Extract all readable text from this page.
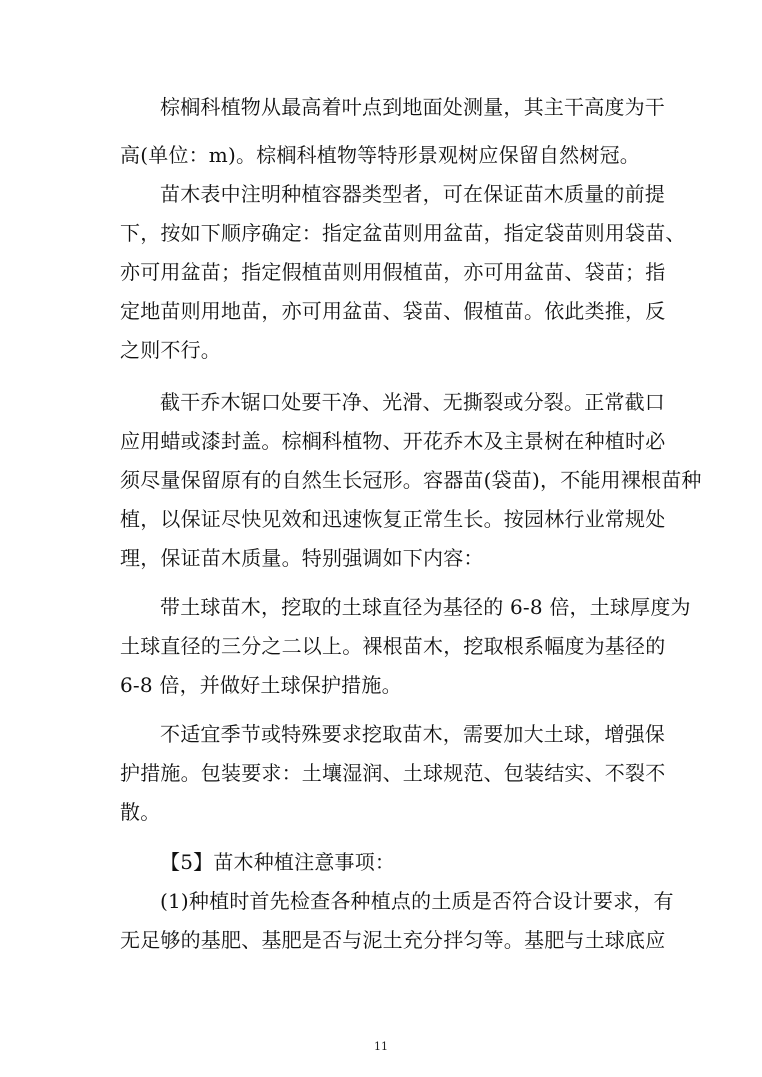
棕榈科植物从最高着叶点到地面处测量，其主干高度为干
高(单位：m)。棕榈科植物等特形景观树应保留自然树冠。
苗木表中注明种植容器类型者，可在保证苗木质量的前提
下，按如下顺序确定：指定盆苗则用盆苗，指定袋苗则用袋苗、
亦可用盆苗；指定假植苗则用假植苗，亦可用盆苗、袋苗；指
定地苗则用地苗，亦可用盆苗、袋苗、假植苗。依此类推，反
之则不行。
截干乔木锯口处要干净、光滑、无撕裂或分裂。正常截口
应用蜡或漆封盖。棕榈科植物、开花乔木及主景树在种植时必
须尽量保留原有的自然生长冠形。容器苗(袋苗)，不能用裸根苗种
植，以保证尽快见效和迅速恢复正常生长。按园林行业常规处
理，保证苗木质量。特别强调如下内容：
带土球苗木，挖取的土球直径为基径的 6-8 倍，土球厚度为
土球直径的三分之二以上。裸根苗木，挖取根系幅度为基径的
6-8 倍，并做好土球保护措施。
不适宜季节或特殊要求挖取苗木，需要加大土球，增强保
护措施。包装要求：土壤湿润、土球规范、包装结实、不裂不
散。
【5】苗木种植注意事项：
(1)种植时首先检查各种植点的土质是否符合设计要求，有
无足够的基肥、基肥是否与泥土充分拌匀等。基肥与土球底应
11
